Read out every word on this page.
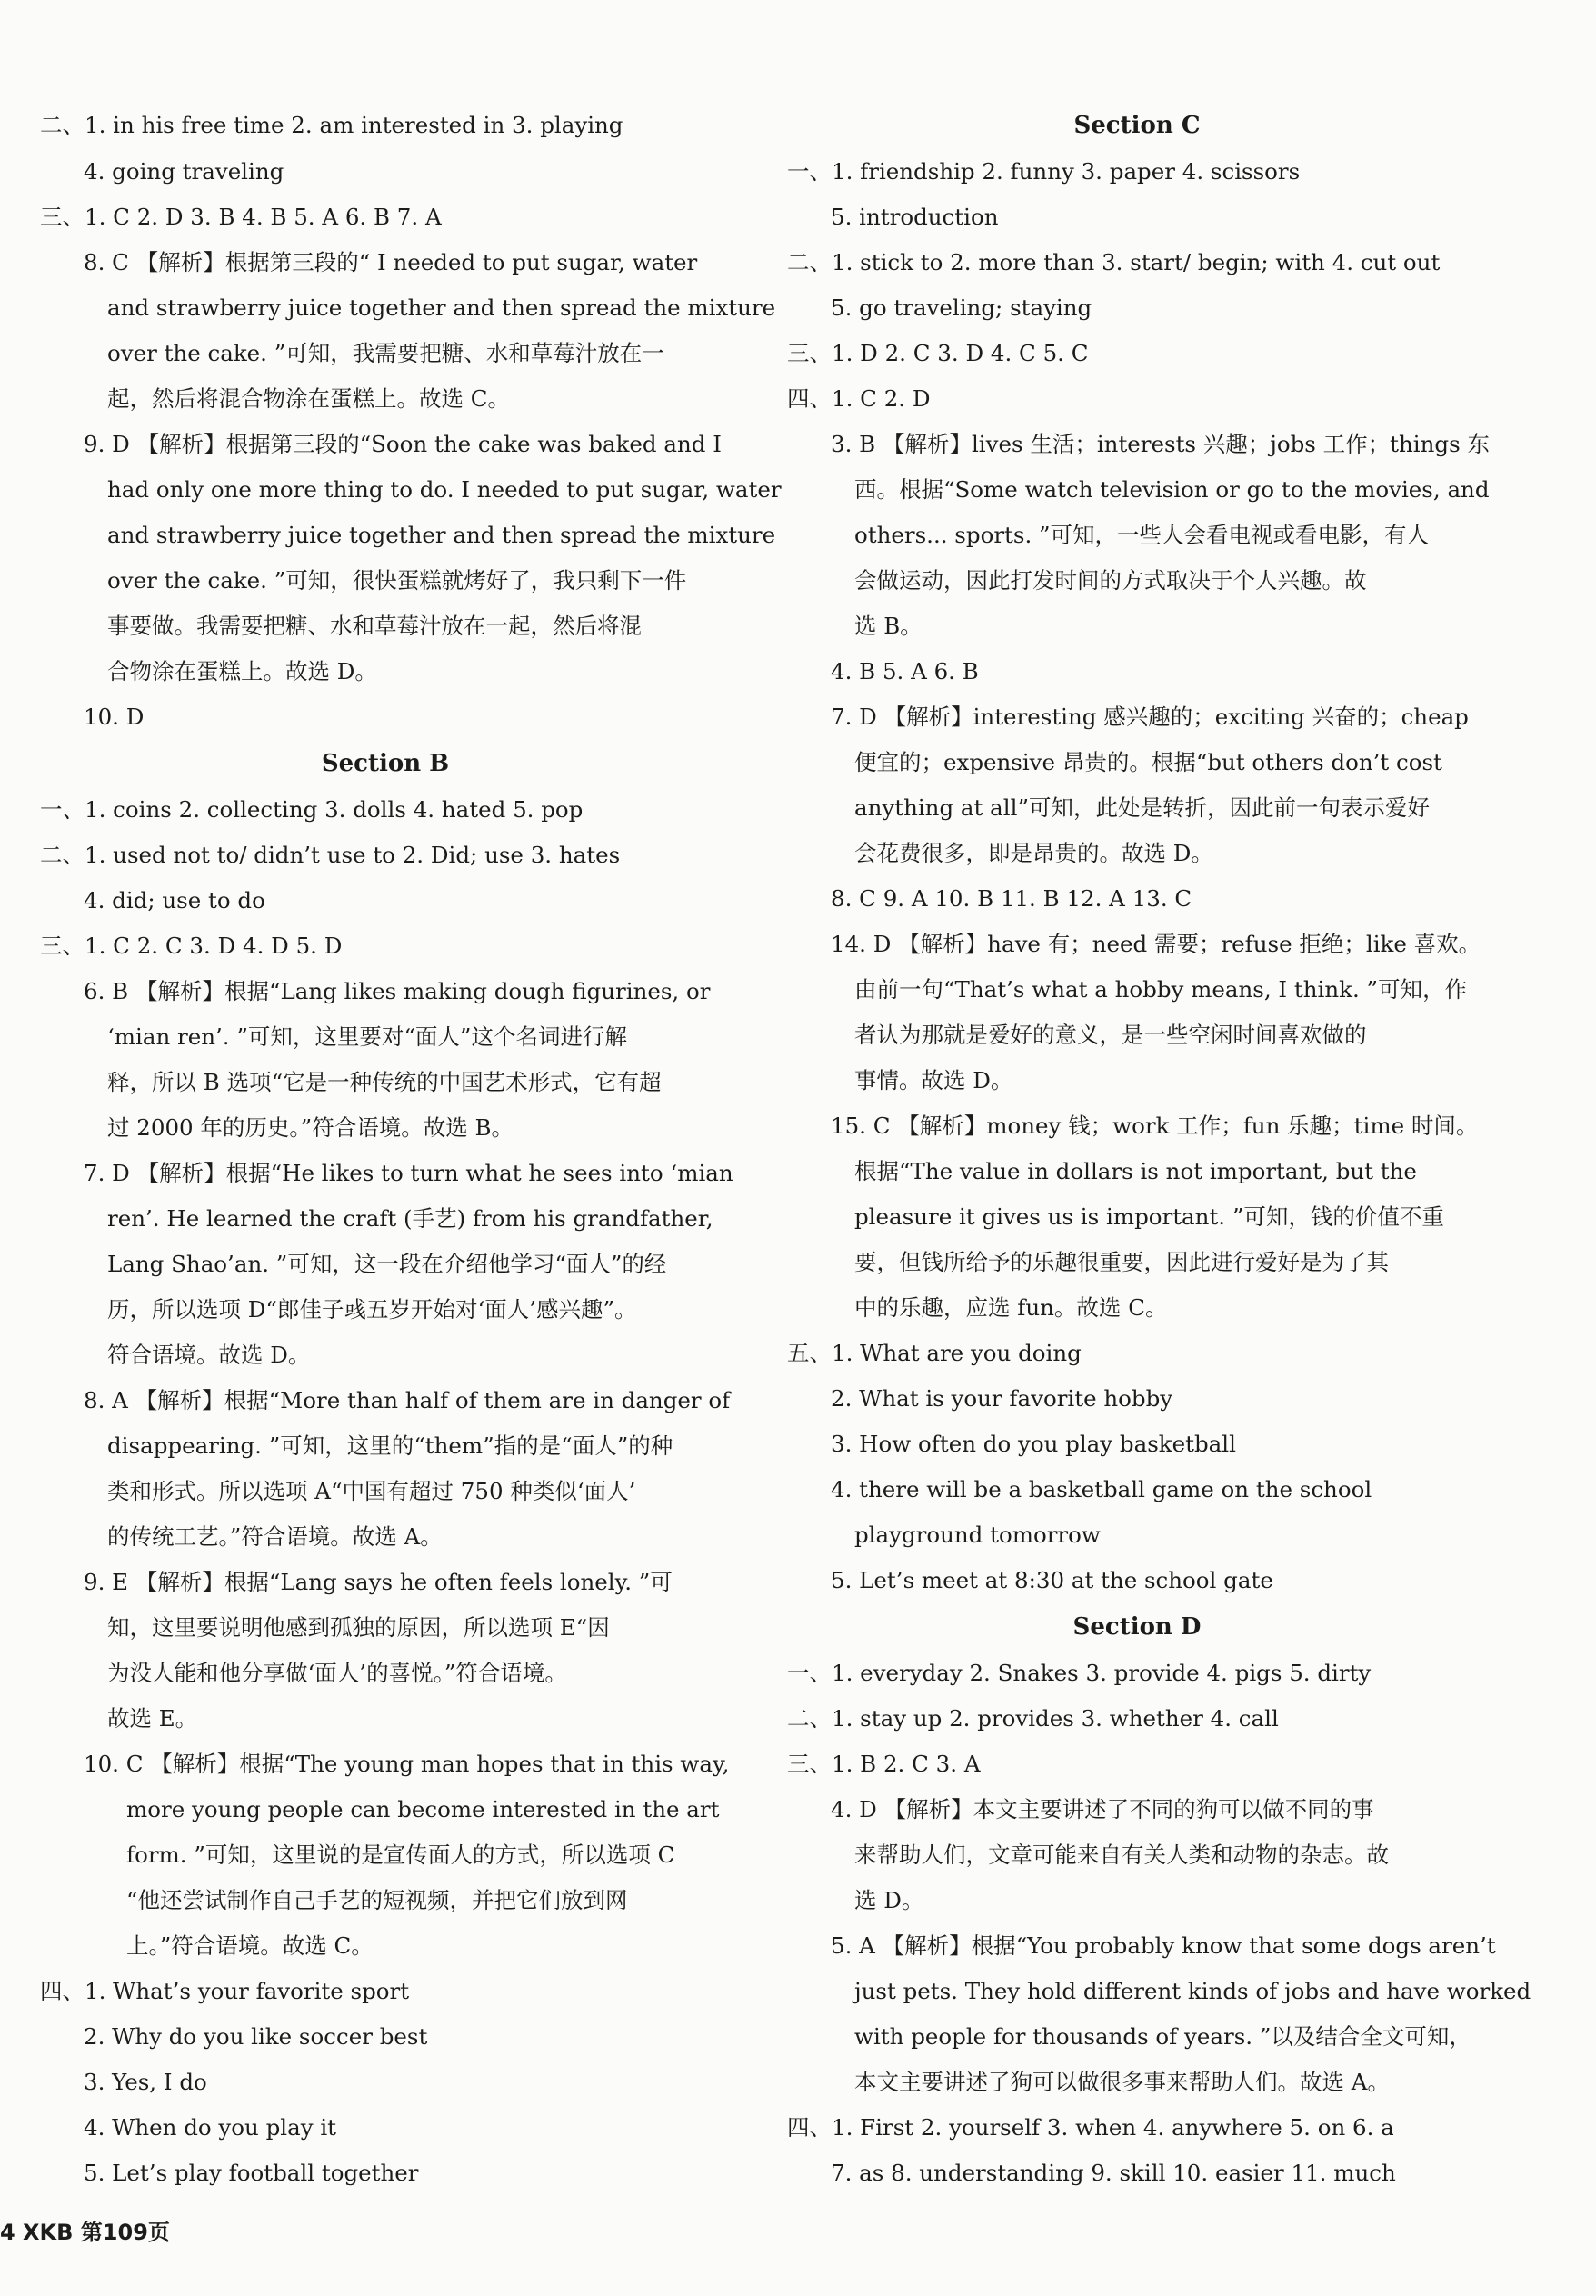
二、1. in his free time 2. am interested in 3. playing
4. going traveling
三、1. C 2. D 3. B 4. B 5. A 6. B 7. A
8. C 【解析】根据第三段的“ I needed to put sugar, water
and strawberry juice together and then spread the mixture
over the cake. ”可知，我需要把糖、水和草莓汁放在一
起，然后将混合物涂在蛋糕上。故选 C。
9. D 【解析】根据第三段的“Soon the cake was baked and I
had only one more thing to do. I needed to put sugar, water
and strawberry juice together and then spread the mixture
over the cake. ”可知，很快蛋糕就烤好了，我只剩下一件
事要做。我需要把糖、水和草莓汁放在一起，然后将混
合物涂在蛋糕上。故选 D。
10. D
Section B
一、1. coins 2. collecting 3. dolls 4. hated 5. pop
二、1. used not to/ didn’t use to 2. Did; use 3. hates
4. did; use to do
三、1. C 2. C 3. D 4. D 5. D
6. B 【解析】根据“Lang likes making dough figurines, or
‘mian ren’. ”可知，这里要对“面人”这个名词进行解
释，所以 B 选项“它是一种传统的中国艺术形式，它有超
过 2000 年的历史。”符合语境。故选 B。
7. D 【解析】根据“He likes to turn what he sees into ‘mian
ren’. He learned the craft (手艺) from his grandfather,
Lang Shao’an. ”可知，这一段在介绍他学习“面人”的经
历，所以选项 D“郎佳子彧五岁开始对‘面人’感兴趣”。
符合语境。故选 D。
8. A 【解析】根据“More than half of them are in danger of
disappearing. ”可知，这里的“them”指的是“面人”的种
类和形式。所以选项 A“中国有超过 750 种类似‘面人’
的传统工艺。”符合语境。故选 A。
9. E 【解析】根据“Lang says he often feels lonely. ”可
知，这里要说明他感到孤独的原因，所以选项 E“因
为没人能和他分享做‘面人’的喜悦。”符合语境。
故选 E。
10. C 【解析】根据“The young man hopes that in this way,
more young people can become interested in the art
form. ”可知，这里说的是宣传面人的方式，所以选项 C
“他还尝试制作自己手艺的短视频，并把它们放到网
上。”符合语境。故选 C。
四、1. What’s your favorite sport
2. Why do you like soccer best
3. Yes, I do
4. When do you play it
5. Let’s play football together
Section C
一、1. friendship 2. funny 3. paper 4. scissors
5. introduction
二、1. stick to 2. more than 3. start/ begin; with 4. cut out
5. go traveling; staying
三、1. D 2. C 3. D 4. C 5. C
四、1. C 2. D
3. B 【解析】lives 生活；interests 兴趣；jobs 工作；things 东
西。根据“Some watch television or go to the movies, and
others... sports. ”可知，一些人会看电视或看电影，有人
会做运动，因此打发时间的方式取决于个人兴趣。故
选 B。
4. B 5. A 6. B
7. D 【解析】interesting 感兴趣的；exciting 兴奋的；cheap
便宜的；expensive 昂贵的。根据“but others don’t cost
anything at all”可知，此处是转折，因此前一句表示爱好
会花费很多，即是昂贵的。故选 D。
8. C 9. A 10. B 11. B 12. A 13. C
14. D 【解析】have 有；need 需要；refuse 拒绝；like 喜欢。
由前一句“That’s what a hobby means, I think. ”可知，作
者认为那就是爱好的意义，是一些空闲时间喜欢做的
事情。故选 D。
15. C 【解析】money 钱；work 工作；fun 乐趣；time 时间。
根据“The value in dollars is not important, but the
pleasure it gives us is important. ”可知，钱的价值不重
要，但钱所给予的乐趣很重要，因此进行爱好是为了其
中的乐趣，应选 fun。故选 C。
五、1. What are you doing
2. What is your favorite hobby
3. How often do you play basketball
4. there will be a basketball game on the school
playground tomorrow
5. Let’s meet at 8:30 at the school gate
Section D
一、1. everyday 2. Snakes 3. provide 4. pigs 5. dirty
二、1. stay up 2. provides 3. whether 4. call
三、1. B 2. C 3. A
4. D 【解析】本文主要讲述了不同的狗可以做不同的事
来帮助人们，文章可能来自有关人类和动物的杂志。故
选 D。
5. A 【解析】根据“You probably know that some dogs aren’t
just pets. They hold different kinds of jobs and have worked
with people for thousands of years. ”以及结合全文可知，
本文主要讲述了狗可以做很多事来帮助人们。故选 A。
四、1. First 2. yourself 3. when 4. anywhere 5. on 6. a
7. as 8. understanding 9. skill 10. easier 11. much
4 XKB 第109页
